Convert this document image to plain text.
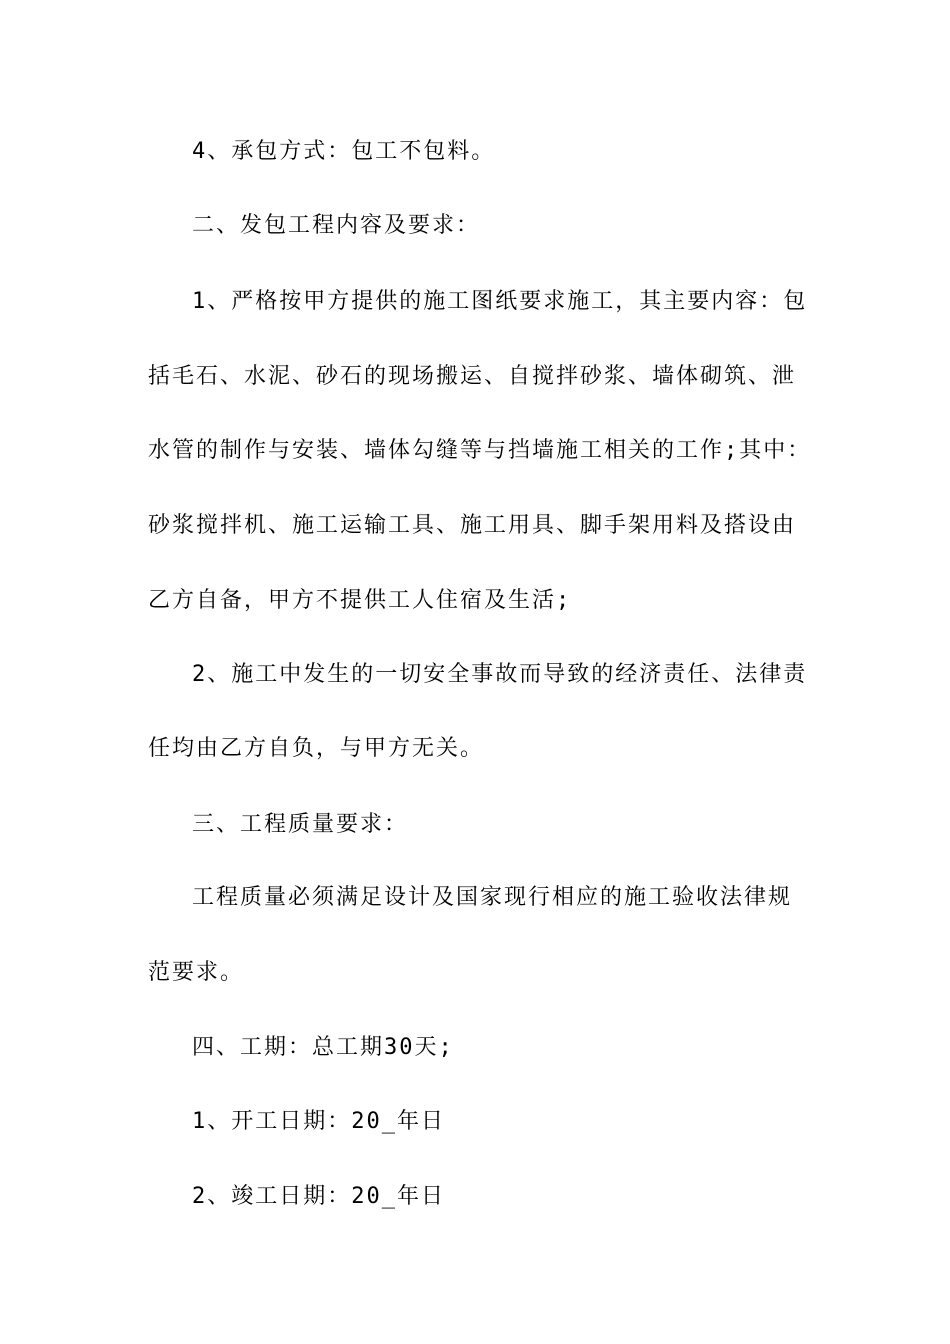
4、承包方式：包工不包料。
二、发包工程内容及要求：
1、严格按甲方提供的施工图纸要求施工，其主要内容：包
括毛石、水泥、砂石的现场搬运、自搅拌砂浆、墙体砌筑、泄
水管的制作与安装、墙体勾缝等与挡墙施工相关的工作;其中：
砂浆搅拌机、施工运输工具、施工用具、脚手架用料及搭设由
乙方自备，甲方不提供工人住宿及生活;
2、施工中发生的一切安全事故而导致的经济责任、法律责
任均由乙方自负，与甲方无关。
三、工程质量要求：
工程质量必须满足设计及国家现行相应的施工验收法律规
范要求。
四、工期：总工期30天;
1、开工日期：20_年日
2、竣工日期：20_年日
